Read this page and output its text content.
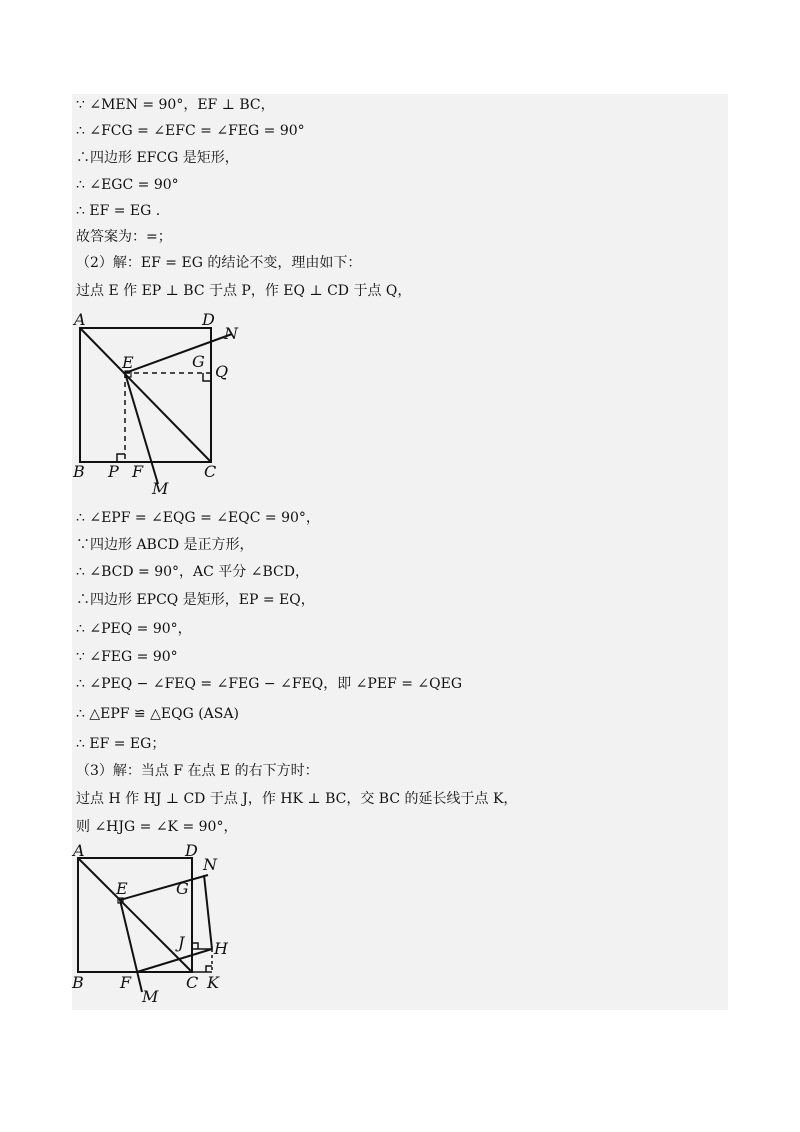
∵ ∠MEN = 90°，EF ⊥ BC，
∴ ∠FCG = ∠EFC = ∠FEG = 90°
∴四边形 EFCG 是矩形，
∴ ∠EGC = 90°
∴ EF = EG .
故答案为：=；
（2）解：EF = EG 的结论不变，理由如下：
过点 E 作 EP ⊥ BC 于点 P，作 EQ ⊥ CD 于点 Q，
A	D
N
E	G
Q
B P F	C
M
∴ ∠EPF = ∠EQG = ∠EQC = 90°，
∵四边形 ABCD 是正方形，
∴ ∠BCD = 90°，AC 平分 ∠BCD，
∴四边形 EPCQ 是矩形，EP = EQ，
∴ ∠PEQ = 90°，
∵ ∠FEG = 90°
∴ ∠PEQ − ∠FEQ = ∠FEG − ∠FEQ，即 ∠PEF = ∠QEG
∴ △EPF ≌ △EQG (ASA)
∴ EF = EG；
（3）解：当点 F 在点 E 的右下方时：
过点 H 作 HJ ⊥ CD 于点 J，作 HK ⊥ BC，交 BC 的延长线于点 K，
则 ∠HJG = ∠K = 90°，
A	D
N
E	G
J H
B F	C K
M
